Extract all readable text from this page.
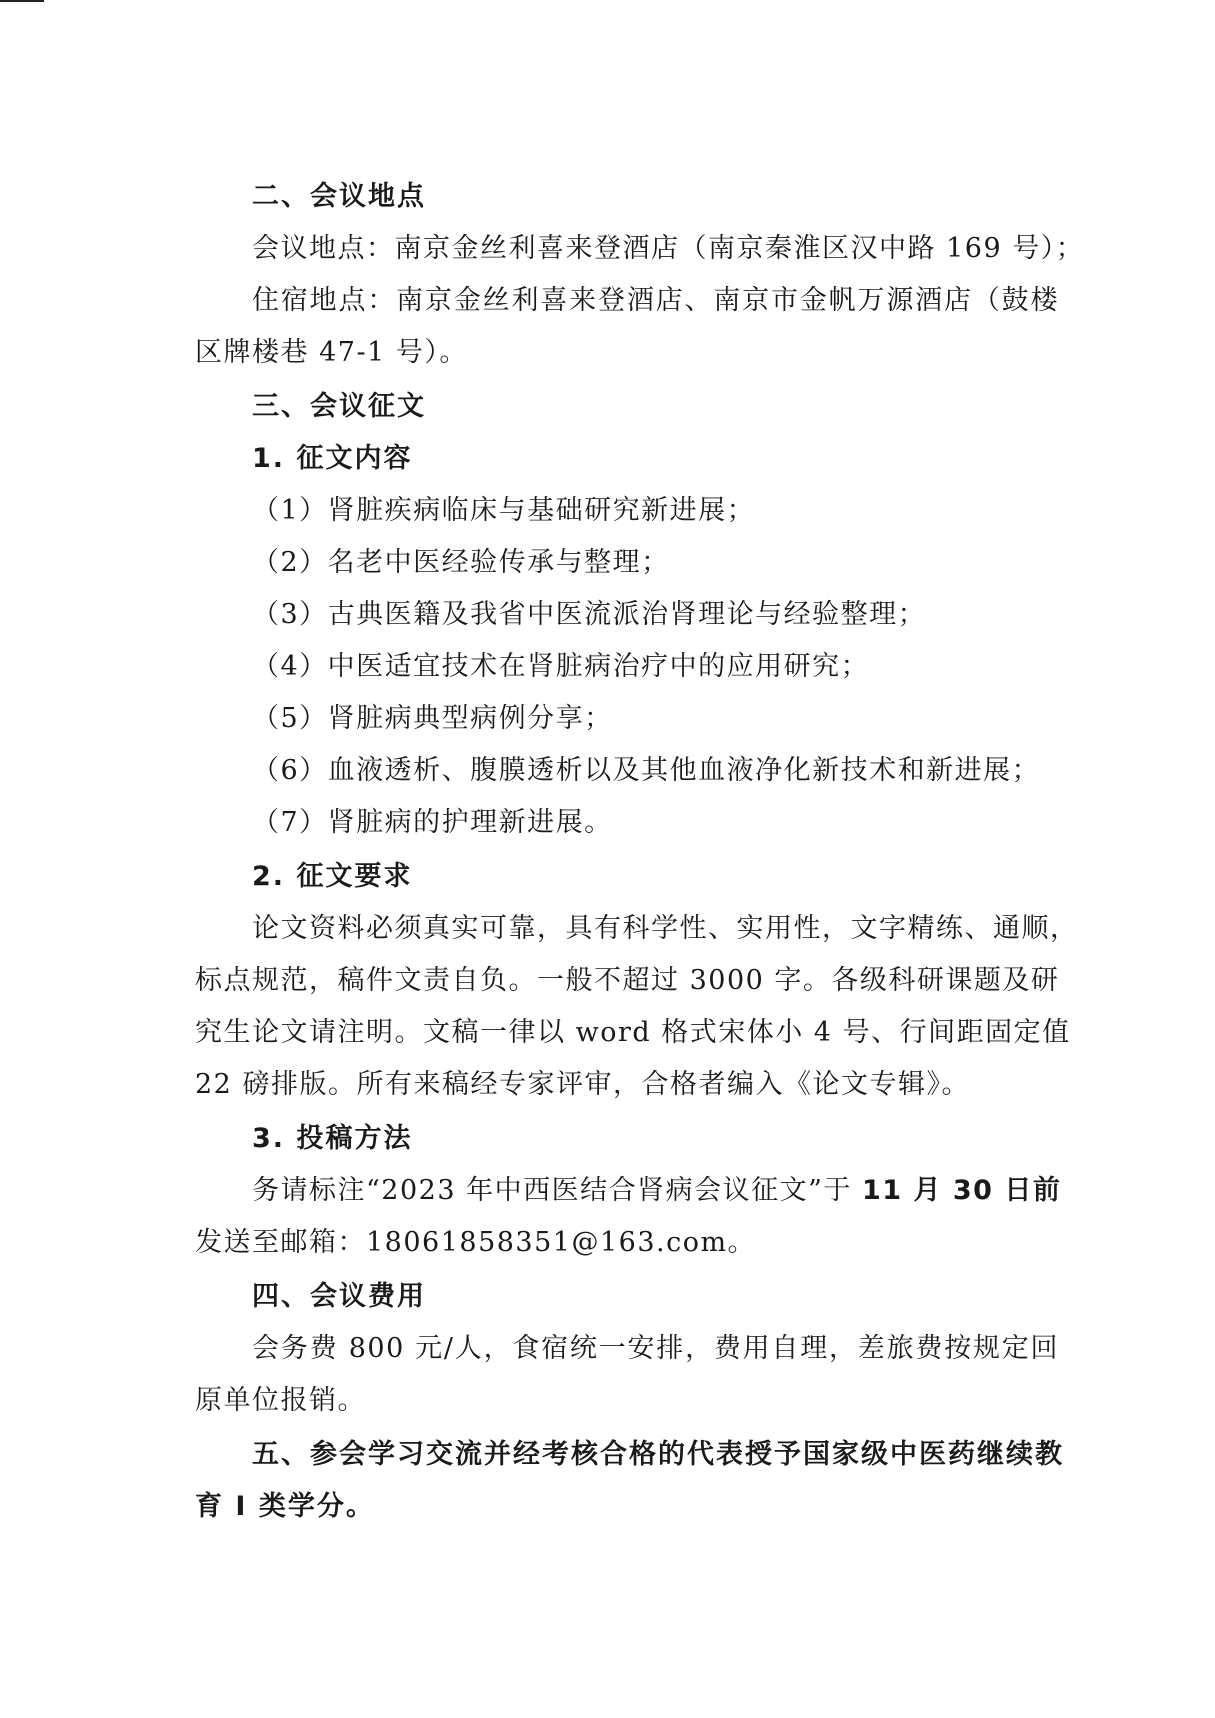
二、会议地点
会议地点：南京金丝利喜来登酒店（南京秦淮区汉中路 169 号）；
住宿地点：南京金丝利喜来登酒店、南京市金帆万源酒店（鼓楼
区牌楼巷 47-1 号）。
三、会议征文
1. 征文内容
（1）肾脏疾病临床与基础研究新进展；
（2）名老中医经验传承与整理；
（3）古典医籍及我省中医流派治肾理论与经验整理；
（4）中医适宜技术在肾脏病治疗中的应用研究；
（5）肾脏病典型病例分享；
（6）血液透析、腹膜透析以及其他血液净化新技术和新进展；
（7）肾脏病的护理新进展。
2. 征文要求
论文资料必须真实可靠，具有科学性、实用性，文字精练、通顺，
标点规范，稿件文责自负。一般不超过 3000 字。各级科研课题及研
究生论文请注明。文稿一律以 word 格式宋体小 4 号、行间距固定值
22 磅排版。所有来稿经专家评审，合格者编入《论文专辑》。
3. 投稿方法
务请标注“2023 年中西医结合肾病会议征文”于 11 月 30 日前
发送至邮箱：18061858351@163.com。
四、会议费用
会务费 800 元/人，食宿统一安排，费用自理，差旅费按规定回
原单位报销。
五、参会学习交流并经考核合格的代表授予国家级中医药继续教
育 I 类学分。
